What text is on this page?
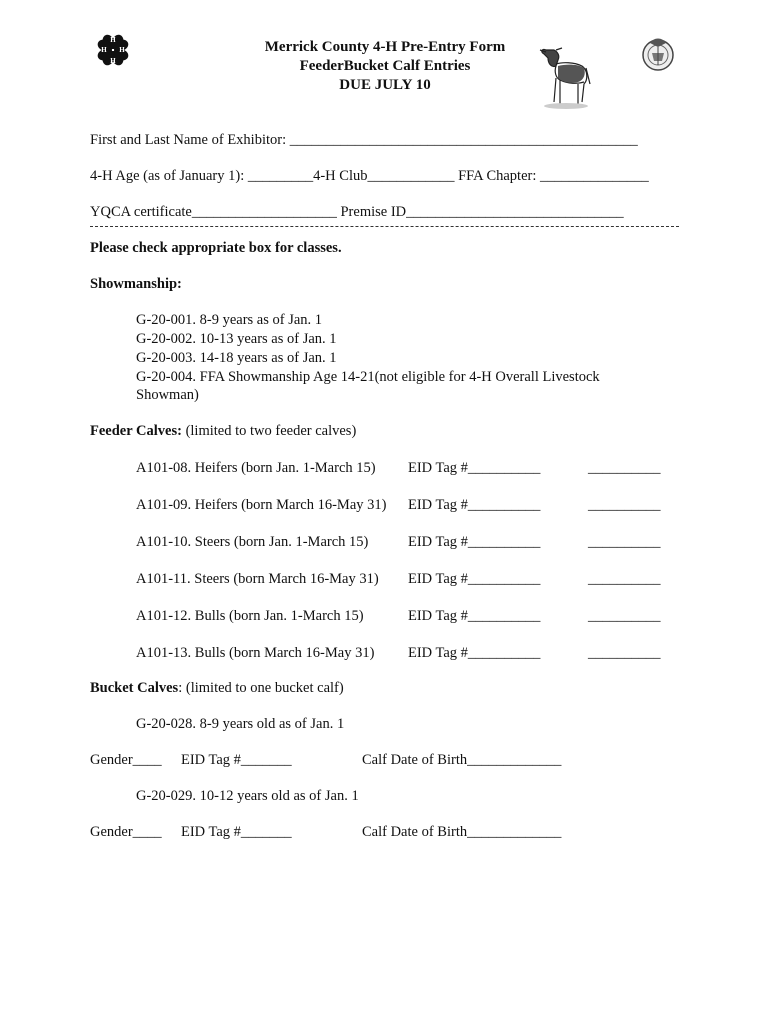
H
H
H
H	Merrick County 4-H Pre-Entry Form
FeederBucket Calf Entries
DUE JULY 10
First and Last Name of Exhibitor: ________________________________________________
4-H Age (as of January 1): _________4-H Club____________ FFA Chapter: _______________
YQCA certificate____________________ Premise ID______________________________
Please check appropriate box for classes.
Showmanship:
G-20-001. 8-9 years as of Jan. 1
G-20-002. 10-13 years as of Jan. 1
G-20-003. 14-18 years as of Jan. 1
G-20-004. FFA Showmanship Age 14-21(not eligible for 4-H Overall Livestock
Showman)
Feeder Calves: (limited to two feeder calves)
A101-08. Heifers (born Jan. 1-March 15) EID Tag #__________	__________
A101-09. Heifers (born March 16-May 31) EID Tag #__________	__________
A101-10. Steers (born Jan. 1-March 15)	EID Tag #__________	__________
A101-11. Steers (born March 16-May 31) EID Tag #__________	__________
A101-12. Bulls (born Jan. 1-March 15)	EID Tag #__________	__________
A101-13. Bulls (born March 16-May 31) EID Tag #__________	__________
Bucket Calves: (limited to one bucket calf)
G-20-028. 8-9 years old as of Jan. 1
Gender____ EID Tag #_______	Calf Date of Birth_____________
G-20-029. 10-12 years old as of Jan. 1
Gender____ EID Tag #_______	Calf Date of Birth_____________
